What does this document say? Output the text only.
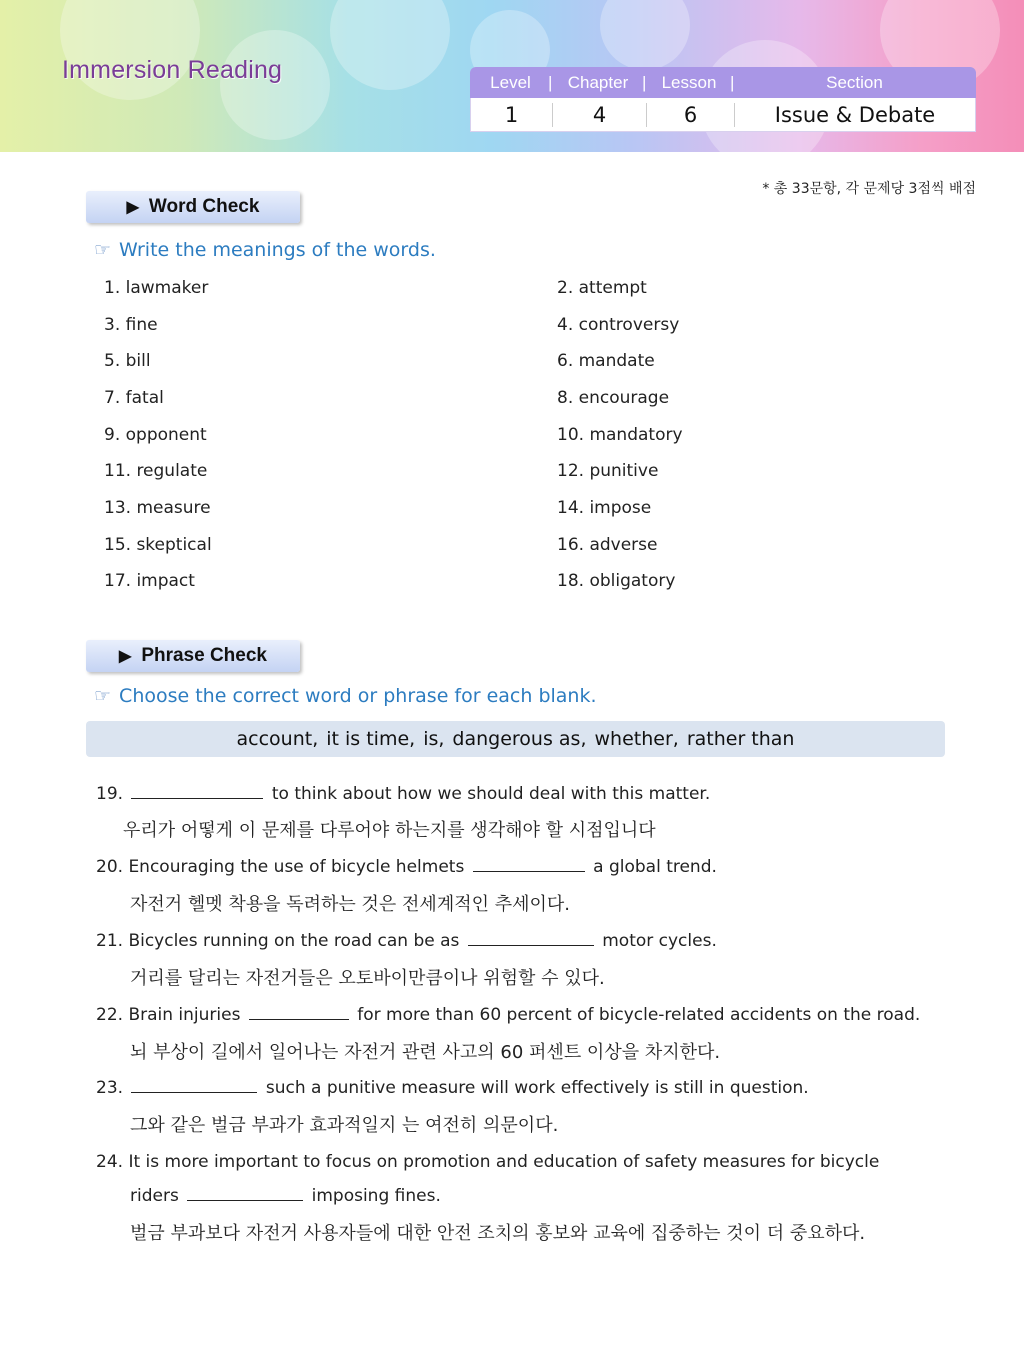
Immersion Reading	Level	| Chapter	| Lesson	| Section
1	4	6	Issue & Debate
* 총 33문항, 각 문제당 3점씩 배점
▶ Word Check
☞ Write the meanings of the words.
1. lawmaker	2. attempt
3. fine	4. controversy
5. bill	6. mandate
7. fatal	8. encourage
9. opponent	10. mandatory
11. regulate	12. punitive
13. measure	14. impose
15. skeptical	16. adverse
17. impact	18. obligatory
▶ Phrase Check
☞ Choose the correct word or phrase for each blank.
account, it is time, is, dangerous as, whether, rather than
19.	to think about how we should deal with this matter.
우리가 어떻게 이 문제를 다루어야 하는지를 생각해야 할 시점입니다
20. Encouraging the use of bicycle helmets	a global trend.
자전거 헬멧 착용을 독려하는 것은 전세계적인 추세이다.
21. Bicycles running on the road can be as	motor cycles.
거리를 달리는 자전거들은 오토바이만큼이나 위험할 수 있다.
22. Brain injuries	for more than 60 percent of bicycle-related accidents on the road.
뇌 부상이 길에서 일어나는 자전거 관련 사고의 60 퍼센트 이상을 차지한다.
23.	such a punitive measure will work effectively is still in question.
그와 같은 벌금 부과가 효과적일지 는 여전히 의문이다.
24. It is more important to focus on promotion and education of safety measures for bicycle
riders	imposing fines.
벌금 부과보다 자전거 사용자들에 대한 안전 조치의 홍보와 교육에 집중하는 것이 더 중요하다.
